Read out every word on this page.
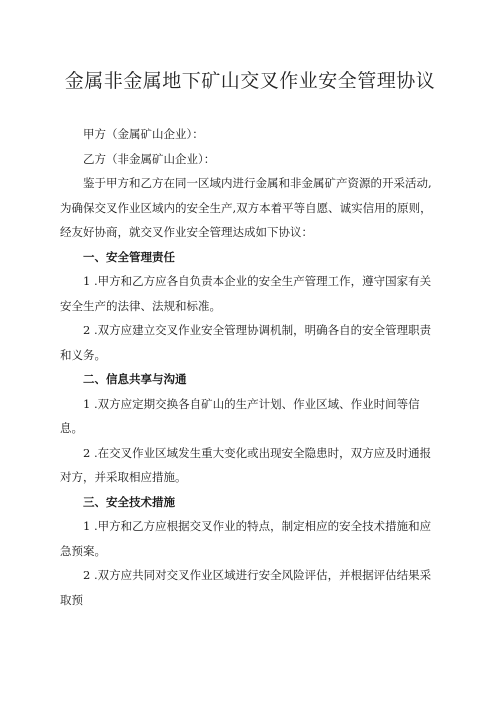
金属非金属地下矿山交叉作业安全管理协议

甲方（金属矿山企业）：

乙方（非金属矿山企业）：

鉴于甲方和乙方在同一区域内进行金属和非金属矿产资源的开采活动,为确保交叉作业区域内的安全生产,双方本着平等自愿、诚实信用的原则，经友好协商，就交叉作业安全管理达成如下协议：

一、安全管理责任

1 .甲方和乙方应各自负责本企业的安全生产管理工作，遵守国家有关安全生产的法律、法规和标准。

2 .双方应建立交叉作业安全管理协调机制，明确各自的安全管理职责和义务。

二、信息共享与沟通

1 .双方应定期交换各自矿山的生产计划、作业区域、作业时间等信息。

2 .在交叉作业区域发生重大变化或出现安全隐患时，双方应及时通报对方，并采取相应措施。

三、安全技术措施

1 .甲方和乙方应根据交叉作业的特点，制定相应的安全技术措施和应急预案。

2 .双方应共同对交叉作业区域进行安全风险评估，并根据评估结果采取预
